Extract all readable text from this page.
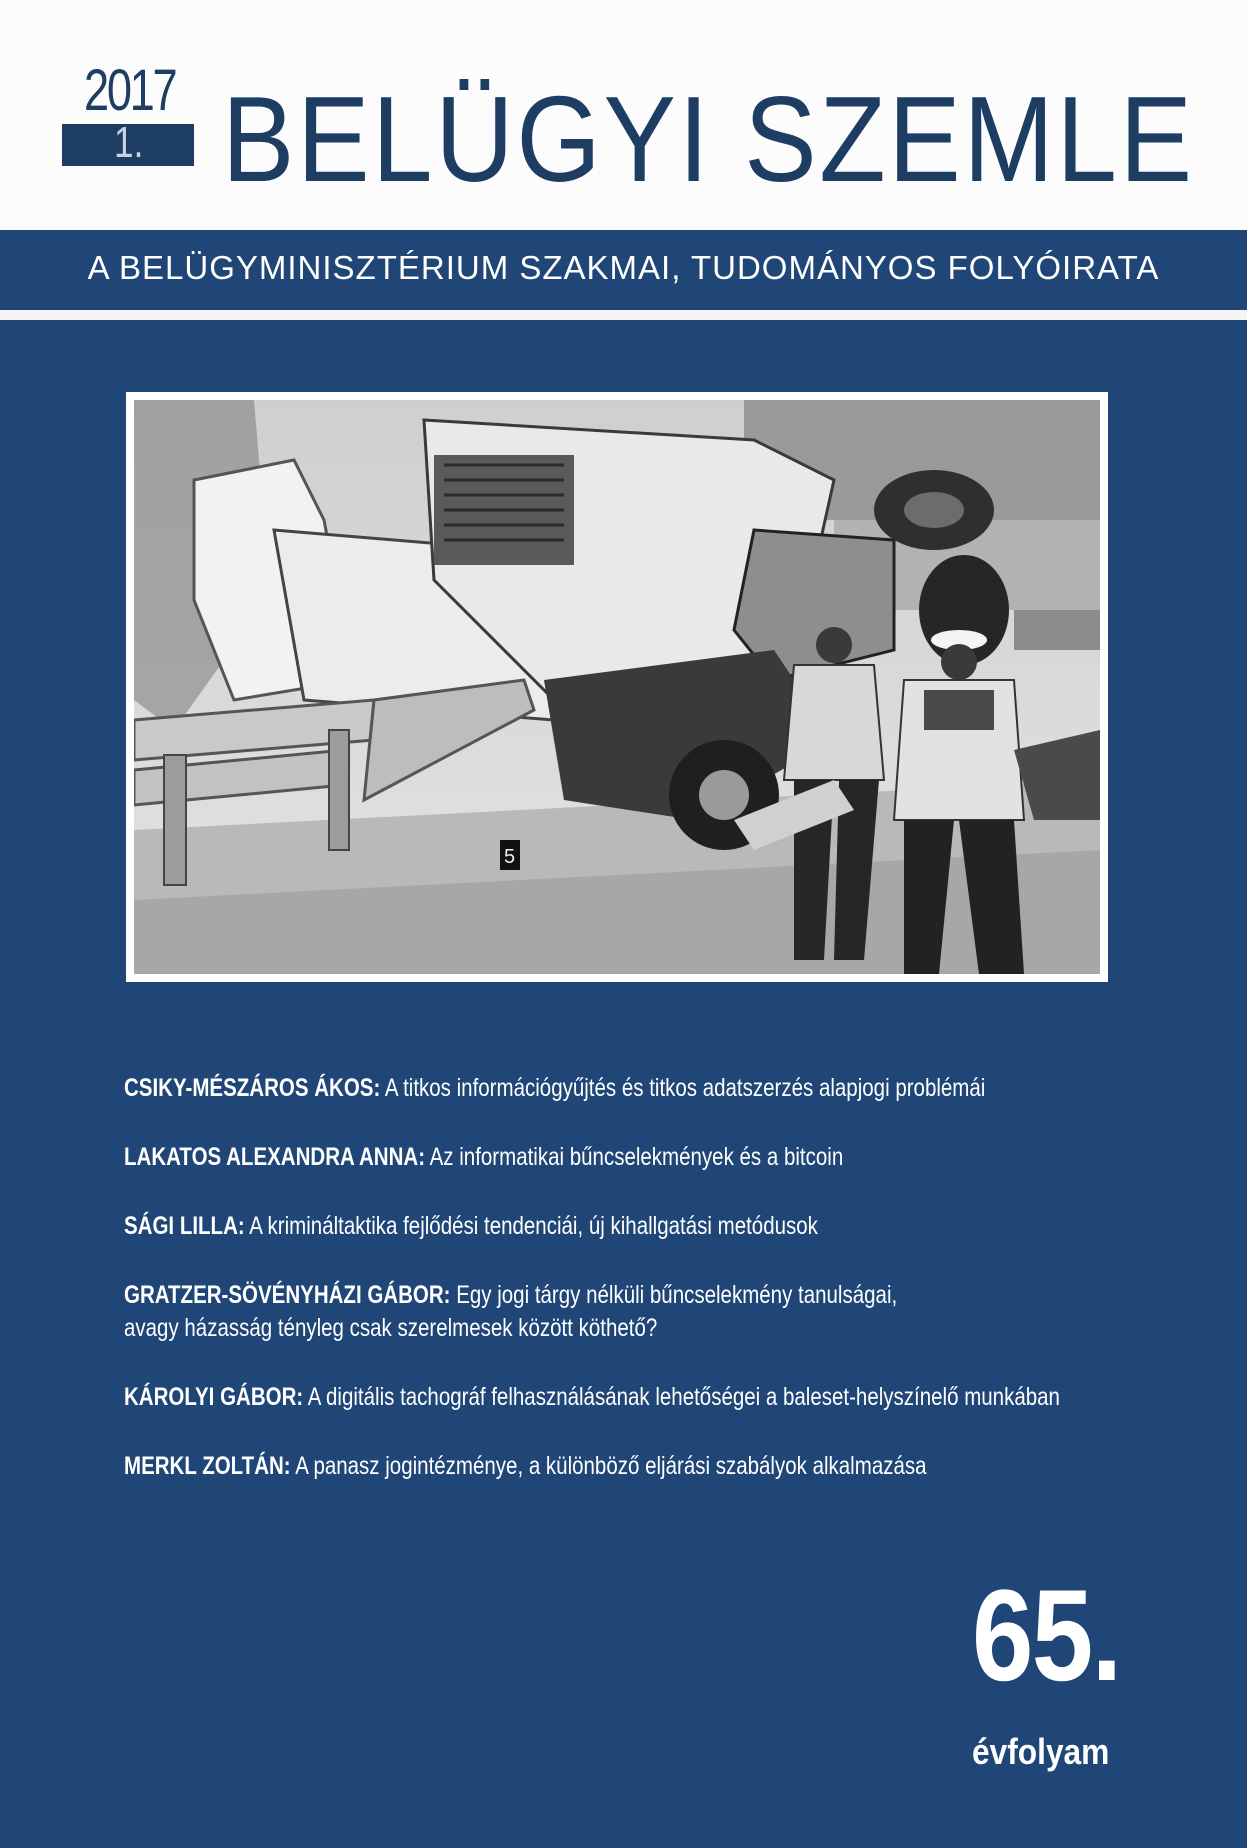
2017
1. BELÜGYI SZEMLE
A BELÜGYMINISZTÉRIUM SZAKMAI, TUDOMÁNYOS FOLYÓIRATA
5
CSIKY-MÉSZÁROS ÁKOS: A titkos információgyűjtés és titkos adatszerzés alapjogi problémái
LAKATOS ALEXANDRA ANNA: Az informatikai bűncselekmények és a bitcoin
SÁGI LILLA: A krimináltaktika fejlődési tendenciái, új kihallgatási metódusok
GRATZER-SÖVÉNYHÁZI GÁBOR: Egy jogi tárgy nélküli bűncselekmény tanulságai,
avagy házasság tényleg csak szerelmesek között köthető?
KÁROLYI GÁBOR: A digitális tachográf felhasználásának lehetőségei a baleset-helyszínelő munkában
MERKL ZOLTÁN: A panasz jogintézménye, a különböző eljárási szabályok alkalmazása
65.
évfolyam
